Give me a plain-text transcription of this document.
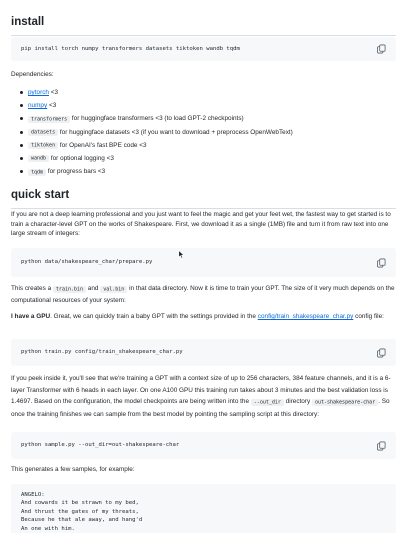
install
pip install torch numpy transformers datasets tiktoken wandb tqdm

Dependencies:

pytorch <3
numpy <3
transformers for huggingface transformers <3 (to load GPT-2 checkpoints)
datasets for huggingface datasets <3 (if you want to download + preprocess OpenWebText)
tiktoken for OpenAI's fast BPE code <3
wandb for optional logging <3
tqdm for progress bars <3
quick start

If you are not a deep learning professional and you just want to feel the magic and get your feet wet, the fastest way to get started is to train a character-level GPT on the works of Shakespeare. First, we download it as a single (1MB) file and turn it from raw text into one large stream of integers:

python data/shakespeare_char/prepare.py

This creates a train.bin and val.bin in that data directory. Now it is time to train your GPT. The size of it very much depends on the computational resources of your system:

I have a GPU. Great, we can quickly train a baby GPT with the settings provided in the config/train_shakespeare_char.py config file:

python train.py config/train_shakespeare_char.py

If you peek inside it, you'll see that we're training a GPT with a context size of up to 256 characters, 384 feature channels, and it is a 6-layer Transformer with 6 heads in each layer. On one A100 GPU this training run takes about 3 minutes and the best validation loss is 1.4697. Based on the configuration, the model checkpoints are being written into the --out_dir directory out-shakespeare-char . So once the training finishes we can sample from the best model by pointing the sampling script at this directory:

python sample.py --out_dir=out-shakespeare-char

This generates a few samples, for example:

ANGELO:
And cowards it be strawn to my bed,
And thrust the gates of my threats,
Because he that ale away, and hang'd
An one with him.
